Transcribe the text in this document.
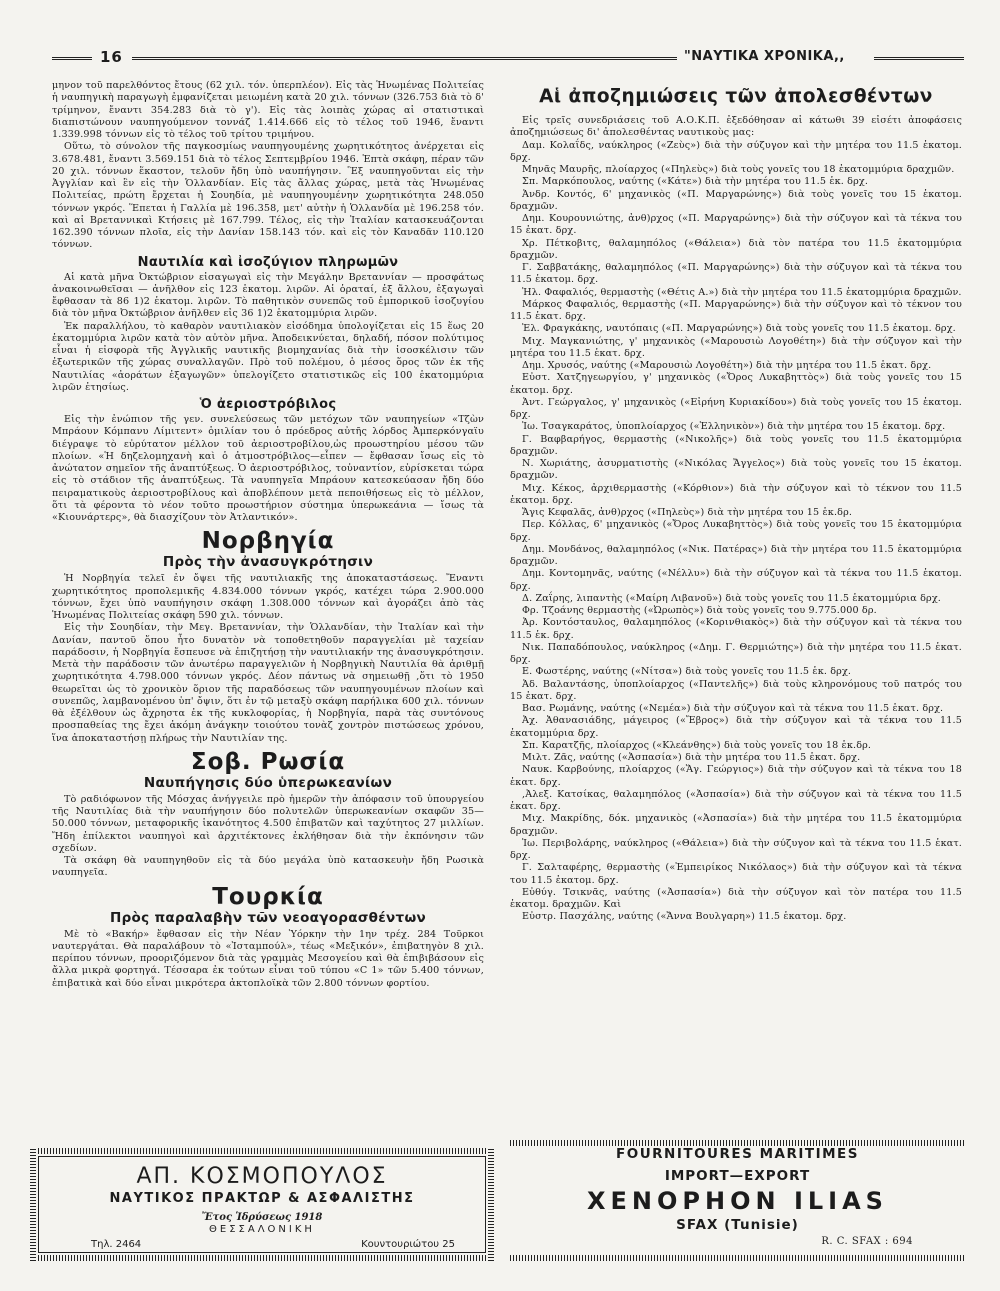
16	"ΝΑΥΤΙΚΑ ΧΡΟΝΙΚΑ,,

μηνον τοῦ παρελθόντος ἔτους (62 χιλ. τόν. ὑπερπλέον). Εἰς τὰς Ἡνωμένας Πολιτείας ἡ ναυπηγικὴ παραγωγὴ ἐμφανίζεται μειωμένη κατὰ 20 χιλ. τόννων (326.753 διὰ τὸ δ' τρίμηνον, ἔναντι 354.283 διὰ τὸ γ'). Εἰς τὰς λοιπὰς χώρας αἱ στατιστικαὶ διαπιστώνουν ναυπηγούμενον τοννάζ 1.414.666 εἰς τὸ τέλος τοῦ 1946, ἔναντι 1.339.998 τόννων εἰς τὸ τέλος τοῦ τρίτου τριμήνου.

Οὕτω, τὸ σύνολον τῆς παγκοσμίως ναυπηγουμένης χωρητικότητος ἀνέρχεται εἰς 3.678.481, ἔναντι 3.569.151 διὰ τὸ τέλος Σεπτεμβρίου 1946. Ἑπτὰ σκάφη, πέραν τῶν 20 χιλ. τόννων ἕκαστον, τελοῦν ἤδη ὑπὸ ναυπήγησιν. Ἓξ ναυπηγοῦνται εἰς τὴν Ἀγγλίαν καὶ ἓν εἰς τὴν Ὁλλανδίαν. Εἰς τὰς ἄλλας χώρας, μετὰ τὰς Ἡνωμένας Πολιτείας, πρώτη ἔρχεται ἡ Σουηδία, μὲ ναυπηγουμένην χωρητικότητα 248.050 τόννων γκρός. Ἕπεται ἡ Γαλλία μὲ 196.358, μετ' αὐτὴν ἡ Ὁλλανδία μὲ 196.258 τόν. καὶ αἱ Βρεταννικαὶ Κτήσεις μὲ 167.799. Τέλος, εἰς τὴν Ἰταλίαν κατασκευάζονται 162.390 τόννων πλοῖα, εἰς τὴν Δανίαν 158.143 τόν. καὶ εἰς τὸν Καναδᾶν 110.120 τόννων.

Ναυτιλία καὶ ἰσοζύγιον πληρωμῶν

Αἱ κατὰ μῆνα Ὀκτώβριον εἰσαγωγαὶ εἰς τὴν Μεγάλην Βρεταννίαν — προσφάτως ἀνακοινωθεῖσαι — ἀνῆλθον εἰς 123 ἑκατομ. λιρῶν. Αἱ ὁραταί, ἐξ ἄλλου, ἐξαγωγαὶ ἔφθασαν τὰ 86 1)2 ἑκατομ. λιρῶν. Τὸ παθητικὸν συνεπῶς τοῦ ἐμπορικοῦ ἰσοζυγίου διὰ τὸν μῆνα Ὀκτώβριον ἀνῆλθεν εἰς 36 1)2 ἑκατομμύρια λιρῶν.

Ἐκ παραλλήλου, τὸ καθαρὸν ναυτιλιακὸν εἰσόδημα ὑπολογίζεται εἰς 15 ἕως 20 ἑκατομμύρια λιρῶν κατὰ τὸν αὐτὸν μῆνα. Ἀποδεικνύεται, δηλαδή, πόσον πολύτιμος εἶναι ἡ εἰσφορὰ τῆς Ἀγγλικῆς ναυτικῆς βιομηχανίας διὰ τὴν ἰσοσκέλισιν τῶν ἐξωτερικῶν τῆς χώρας συναλλαγῶν. Πρὸ τοῦ πολέμου, ὁ μέσος ὅρος τῶν ἐκ τῆς Ναυτιλίας «ἀοράτων ἐξαγωγῶν» ὑπελογίζετο στατιστικῶς εἰς 100 ἑκατομμύρια λιρῶν ἐτησίως.

Ὁ ἀεριοστρόβιλος

Εἰς τὴν ἐνώπιον τῆς γεν. συνελεύσεως τῶν μετόχων τῶν ναυπηγείων «Τζὼν Μπράουν Κόμπανυ Λίμιτεντ» ὁμιλίαν του ὁ πρόεδρος αὐτῆς λόρδος Ἀμπερκόνγαϊυ διέγραψε τὸ εὐρύτατον μέλλον τοῦ ἀεριοστροβίλου,ὡς προωστηρίου μέσου τῶν πλοίων. «Ἡ δηζελομηχανὴ καὶ ὁ ἀτμοστρόβιλος—εἶπεν — ἔφθασαν ἴσως εἰς τὸ ἀνώτατον σημεῖον τῆς ἀναπτύξεως. Ὁ ἀεριοστρόβιλος, τοὐναντίον, εὑρίσκεται τώρα εἰς τὸ στάδιον τῆς ἀναπτύξεως. Τὰ ναυπηγεῖα Μπράουν κατεσκεύασαν ἤδη δύο πειραματικοὺς ἀεριοστροβίλους καὶ ἀποβλέπουν μετὰ πεποιθήσεως εἰς τὸ μέλλον, ὅτι τὰ φέροντα τὸ νέον τοῦτο προωστήριον σύστημα ὑπερωκεάνια — ἴσως τὰ «Κιουνάρτερς», θὰ διασχίζουν τὸν Ἀτλαντικόν».

Νορβηγία
Πρὸς τὴν ἀνασυγκρότησιν

Ἡ Νορβηγία τελεῖ ἐν ὄψει τῆς ναυτιλιακῆς της ἀποκαταστάσεως. Ἔναντι χωρητικότητος προπολεμικῆς 4.834.000 τόννων γκρός, κατέχει τώρα 2.900.000 τόννων, ἔχει ὑπὸ ναυπήγησιν σκάφη 1.308.000 τόννων καὶ ἀγοράζει ἀπὸ τὰς Ἡνωμένας Πολιτείας σκάφη 590 χιλ. τόννων.

Εἰς τὴν Σουηδίαν, τὴν Μεγ. Βρεταννίαν, τὴν Ὁλλανδίαν, τὴν Ἰταλίαν καὶ τὴν Δανίαν, παντοῦ ὅπου ἦτο δυνατὸν νὰ τοποθετηθοῦν παραγγελίαι μὲ ταχείαν παράδοσιν, ἡ Νορβηγία ἔσπευσε νὰ ἐπιζητήσῃ τὴν ναυτιλιακήν της ἀνασυγκρότησιν. Μετὰ τὴν παράδοσιν τῶν ἀνωτέρω παραγγελιῶν ἡ Νορβηγικὴ Ναυτιλία θὰ ἀριθμῇ χωρητικότητα 4.798.000 τόννων γκρός. Δέον πάντως νὰ σημειωθῇ ,ὅτι τὸ 1950 θεωρεῖται ὡς τὸ χρονικὸν ὅριον τῆς παραδόσεως τῶν ναυπηγουμένων πλοίων καὶ συνεπῶς, λαμβανομένου ὑπ' ὄψιν, ὅτι ἐν τῷ μεταξὺ σκάφη παρήλικα 600 χιλ. τόννων θὰ ἐξέλθουν ὡς ἄχρηστα ἐκ τῆς κυκλοφορίας, ἡ Νορβηγία, παρὰ τὰς συντόνους προσπαθείας της ἔχει ἀκόμη ἀνάγκην τοιούτου τονὰζ χοντρὸν πιστώσεως χρόνου, ἵνα ἀποκαταστήσῃ πλήρως τὴν Ναυτιλίαν της.

Σοβ. Ρωσία
Ναυπήγησις δύο ὑπερωκεανίων

Τὸ ραδιόφωνον τῆς Μόσχας ἀνήγγειλε πρὸ ἡμερῶν τὴν ἀπόφασιν τοῦ ὑπουργείου τῆς Ναυτιλίας διὰ τὴν ναυπήγησιν δύο πολυτελῶν ὑπερωκεανίων σκαφῶν 35—50.000 τόννων, μεταφορικῆς ἱκανότητος 4.500 ἐπιβατῶν καὶ ταχύτητος 27 μιλλίων. Ἤδη ἐπίλεκτοι ναυπηγοὶ καὶ ἀρχιτέκτονες ἐκλήθησαν διὰ τὴν ἐκπόνησιν τῶν σχεδίων.

Τὰ σκάφη θὰ ναυπηγηθοῦν εἰς τὰ δύο μεγάλα ὑπὸ κατασκευὴν ἤδη Ρωσικὰ ναυπηγεῖα.

Τουρκία
Πρὸς παραλαβὴν τῶν νεοαγορασθέντων

Μὲ τὸ «Βακήρ» ἔφθασαν εἰς τὴν Νέαν Ὑόρκην τὴν 1ην τρέχ. 284 Τοῦρκοι ναυτεργάται. Θὰ παραλάβουν τὸ «Ἰσταμπούλ», τέως «Μεξικόν», ἐπιβατηγὸν 8 χιλ. περίπου τόννων, προοριζόμενον διὰ τὰς γραμμὰς Μεσογείου καὶ θὰ ἐπιβιβάσουν εἰς ἄλλα μικρὰ φορτηγά. Τέσσαρα ἐκ τούτων εἶναι τοῦ τύπου «C 1» τῶν 5.400 τόννων, ἐπιβατικὰ καὶ δύο εἶναι μικρότερα ἀκτοπλοϊκὰ τῶν 2.800 τόννων φορτίου.

Αἱ ἀποζημιώσεις τῶν ἀπολεσθέντων

Εἰς τρεῖς συνεδριάσεις τοῦ Α.Ο.Κ.Π. ἐξεδόθησαν αἱ κάτωθι 39 εἰσέτι ἀποφάσεις ἀποζημιώσεως δι' ἀπολεσθέντας ναυτικοὺς μας:

Δαμ. Κολαΐδς, ναύκληρος («Ζεὺς») διὰ τὴν σύζυγον καὶ τὴν μητέρα του 11.5 ἑκατομ. δρχ.

Μηνᾶς Μαυρῆς, πλοίαρχος («Πηλεὺς») διὰ τοὺς γονεῖς του 18 ἑκατομμύρια δραχμῶν.

Σπ. Μαρκόπουλος, ναύτης («Κάτε») διὰ τὴν μητέρα του 11.5 ἑκ. δρχ.

Ἀνδρ. Κοντός, 6' μηχανικὸς («Π. Μαργαρώνης») διὰ τοὺς γονεῖς του 15 ἑκατομ. δραχμῶν.

Δημ. Κουρουνιώτης, ἀνθ)ρχος («Π. Μαργαρώνης») διὰ τὴν σύζυγον καὶ τὰ τέκνα του 15 ἑκατ. δρχ.

Χρ. Πέτκοβιτς, θαλαμηπόλος («Θάλεια») διὰ τὸν πατέρα του 11.5 ἑκατομμύρια δραχμῶν.

Γ. Σαββατάκης, θαλαμηπόλος («Π. Μαργαρώνης») διὰ τὴν σύζυγον καὶ τὰ τέκνα του 11.5 ἑκατομ. δρχ.

Ἠλ. Φαφαλιός, θερμαστὴς («Θέτις Α.») διὰ τὴν μητέρα του 11.5 ἑκατομμύρια δραχμῶν.

Μάρκος Φαφαλιός, θερμαστὴς («Π. Μαργαρώνης») διὰ τὴν σύζυγον καὶ τὸ τέκνον του 11.5 ἑκατ. δρχ.

Ἐλ. Φραγκάκης, ναυτόπαις («Π. Μαργαρώνης») διὰ τοὺς γονεῖς του 11.5 ἑκατομ. δρχ.

Μιχ. Μαγκανιώτης, γ' μηχανικὸς («Μαρουσιὼ Λογοθέτη») διὰ τὴν σύζυγον καὶ τὴν μητέρα του 11.5 ἑκατ. δρχ.

Δημ. Χρυσός, ναύτης («Μαρουσιὼ Λογοθέτη») διὰ τὴν μητέρα του 11.5 ἑκατ. δρχ.

Εὐστ. Χατζηγεωργίου, γ' μηχανικὸς («Ὄρος Λυκαβηττὸς») διὰ τοὺς γονεῖς του 15 ἑκατομ. δρχ.

Ἀντ. Γεώργαλος, γ' μηχανικὸς («Εἰρήνη Κυριακίδου») διὰ τοὺς γονεῖς του 15 ἑκατομ. δρχ.

Ἰω. Τσαγκαράτος, ὑποπλοίαρχος («Ἑλληνικὸν») διὰ τὴν μητέρα του 15 ἑκατομ. δρχ.

Γ. Βαφβαρήγος, θερμαστὴς («Νικολῆς») διὰ τοὺς γονεῖς του 11.5 ἑκατομμύρια δραχμῶν.

Ν. Χωριάτης, ἀσυρματιστὴς («Νικόλας Ἄγγελος») διὰ τοὺς γονεῖς του 15 ἑκατομ. δραχμῶν.

Μιχ. Κέκος, ἀρχιθερμαστὴς («Κόρθιον») διὰ τὴν σύζυγον καὶ τὸ τέκνον του 11.5 ἑκατομ. δρχ.

Ἄγις Κεφαλᾶς, ἀνθ)ρχος («Πηλεὺς») διὰ τὴν μητέρα του 15 ἑκ.δρ.

Περ. Κόλλας, 6' μηχανικὸς («Ὄρος Λυκαβηττὸς») διὰ τοὺς γονεῖς του 15 ἑκατομμύρια δρχ.

Δημ. Μονδάνος, θαλαμηπόλος («Νικ. Πατέρας») διὰ τὴν μητέρα του 11.5 ἑκατομμύρια δραχμῶν.

Δημ. Κοντομηνᾶς, ναύτης («Νέλλυ») διὰ τὴν σύζυγον καὶ τὰ τέκνα του 11.5 ἑκατομ. δρχ.

Δ. Ζαΐρης, λιπαντὴς («Μαίρη Λιβανοῦ») διὰ τοὺς γονεῖς του 11.5 ἑκατομμύρια δρχ.

Φρ. Τζοάνης θερμαστὴς («Ὠρωπὸς») διὰ τοὺς γονεῖς του 9.775.000 δρ.

Ἀρ. Κοντόσταυλος, θαλαμηπόλος («Κορινθιακὸς») διὰ τὴν σύζυγον καὶ τὰ τέκνα του 11.5 ἑκ. δρχ.

Νικ. Παπαδόπουλος, ναύκληρος («Δημ. Γ. Θερμιώτης») διὰ τὴν μητέρα του 11.5 ἑκατ. δρχ.

Ε. Φωστέρης, ναύτης («Νίτσα») διὰ τοὺς γονεῖς του 11.5 ἑκ. δρχ.

Ἀδ. Βαλαντάσης, ὑποπλοίαρχος («Παντελῆς») διὰ τοὺς κληρονόμους τοῦ πατρός του 15 ἑκατ. δρχ.

Βασ. Ρωμάνης, ναύτης («Νεμέα») διὰ τὴν σύζυγον καὶ τὰ τέκνα του 11.5 ἑκατ. δρχ.

Ἀχ. Ἀθανασιάδης, μάγειρος («Ἔβρος») διὰ τὴν σύζυγον καὶ τὰ τέκνα του 11.5 ἑκατομμύρια δρχ.

Σπ. Καρατζῆς, πλοίαρχος («Κλεάνθης») διὰ τοὺς γονεῖς του 18 ἑκ.δρ.

Μιλτ. Ζᾶς, ναύτης («Ἀσπασία») διὰ τὴν μητέρα του 11.5 ἑκατ. δρχ.

Ναυκ. Καρβούνης, πλοίαρχος («Ἅγ. Γεώργιος») διὰ τὴν σύζυγον καὶ τὰ τέκνα του 18 ἑκατ. δρχ.

,Ἀλεξ. Κατσίκας, θαλαμηπόλος («Ἀσπασία») διὰ τὴν σύζυγον καὶ τὰ τέκνα του 11.5 ἑκατ. δρχ.

Μιχ. Μακρίδης, δόκ. μηχανικὸς («Ἀσπασία») διὰ τὴν μητέρα του 11.5 ἑκατομμύρια δραχμῶν.

Ἰω. Περιβολάρης, ναύκληρος («Θάλεια») διὰ τὴν σύζυγον καὶ τὰ τέκνα του 11.5 ἑκατ. δρχ.

Γ. Σαλταφέρης, θερμαστὴς («Ἐμπειρίκος Νικόλαος») διὰ τὴν σύζυγον καὶ τὰ τέκνα του 11.5 ἑκατομ. δρχ.

Εὐθύγ. Τσικνᾶς, ναύτης («Ἀσπασία») διὰ τὴν σύζυγον καὶ τὸν πατέρα του 11.5 ἑκατομ. δραχμῶν. Καὶ

Εὐστρ. Πασχάλης, ναύτης («Ἄννα Βουλγαρη») 11.5 ἑκατομ. δρχ.

ΑΠ. ΚΟΣΜΟΠΟΥΛΟΣ
ΝΑΥΤΙΚΟΣ ΠΡΑΚΤΩΡ & ΑΣΦΑΛΙΣΤΗΣ
Ἔτος Ἱδρύσεως 1918
ΘΕΣΣΑΛΟΝΙΚΗ
Τηλ. 2464	Κουντουριώτου 25
FOURNITOURES MARITIMES
IMPORT—EXPORT
XENOPHON ILIAS
SFAX (Tunisie)
R. C. SFAX : 694
